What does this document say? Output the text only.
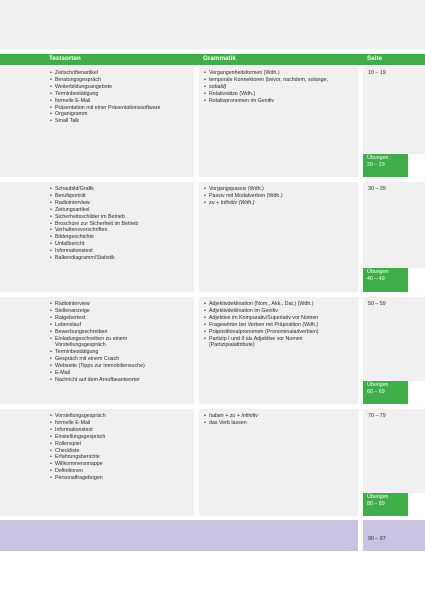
Textsorten	Grammatik	Seite
• Zeitschriftenartikel
• Beratungsgespräch
• Weiterbildungsangebote
• Terminbestätigung
• formelle E-Mail
• Präsentation mit einer Präsentationssoftware
• Organigramm
• Small Talk
• Vergangenheitsformen (Wdh.)
• temporale Konnektoren (bevor, nachdem, solange,
• sobald)
• Relativsätze (Wdh.)
• Relativpronomen im Genitiv
10 – 19
Übungen
20 – 29
• Schaubild/Grafik
• Berufsporträt
• Radiointerview
• Zeitungsartikel
• Sicherheitsschilder im Betrieb
• Broschüre zur Sicherheit im Betrieb
• Verhaltensvorschriften
• Bildergeschichte
• Unfallbericht
• Informationstext
• Balkendiagramm/Statistik
• Vorgangspassiv (Wdh.)
• Passiv mit Modalverben (Wdh.)
• zu + Infinitiv (Wdh.)
30 – 39
Übungen
40 – 49
• Radiointerview
• Stellenanzeige
• Ratgebertext
• Lebenslauf
• Bewerbungsschreiben
• Einladungsschreiben zu einem
Vorstellungsgespräch
• Terminbestätigung
• Gespräch mit einem Coach
• Webseite (Tipps zur Immobiliensuche)
• E-Mail
• Nachricht auf dem Anrufbeantworter
• Adjektivdeklination (Nom., Akk., Dat.) (Wdh.)
• Adjektivdeklination im Genitiv
• Adjektive im Komparativ/Superlativ vor Nomen
• Fragewörter bei Verben mit Präposition (Wdh.)
• Präpositionalpronomen (Pronominaladverbien)
• Partizip I und II als Adjektive vor Nomen
(Partizipialattribute)
50 – 59
Übungen
60 – 69
• Vorstellungsgespräch
• formelle E-Mail
• Informationstext
• Einstellungsgespräch
• Rollenspiel
• Checkliste
• Erfahrungsberichte
• Willkommensmappe
• Definitionen
• Personalfragebogen
• haben + zu + Infinitiv
• das Verb lassen
70 – 79
Übungen
80 – 89
90 – 97
